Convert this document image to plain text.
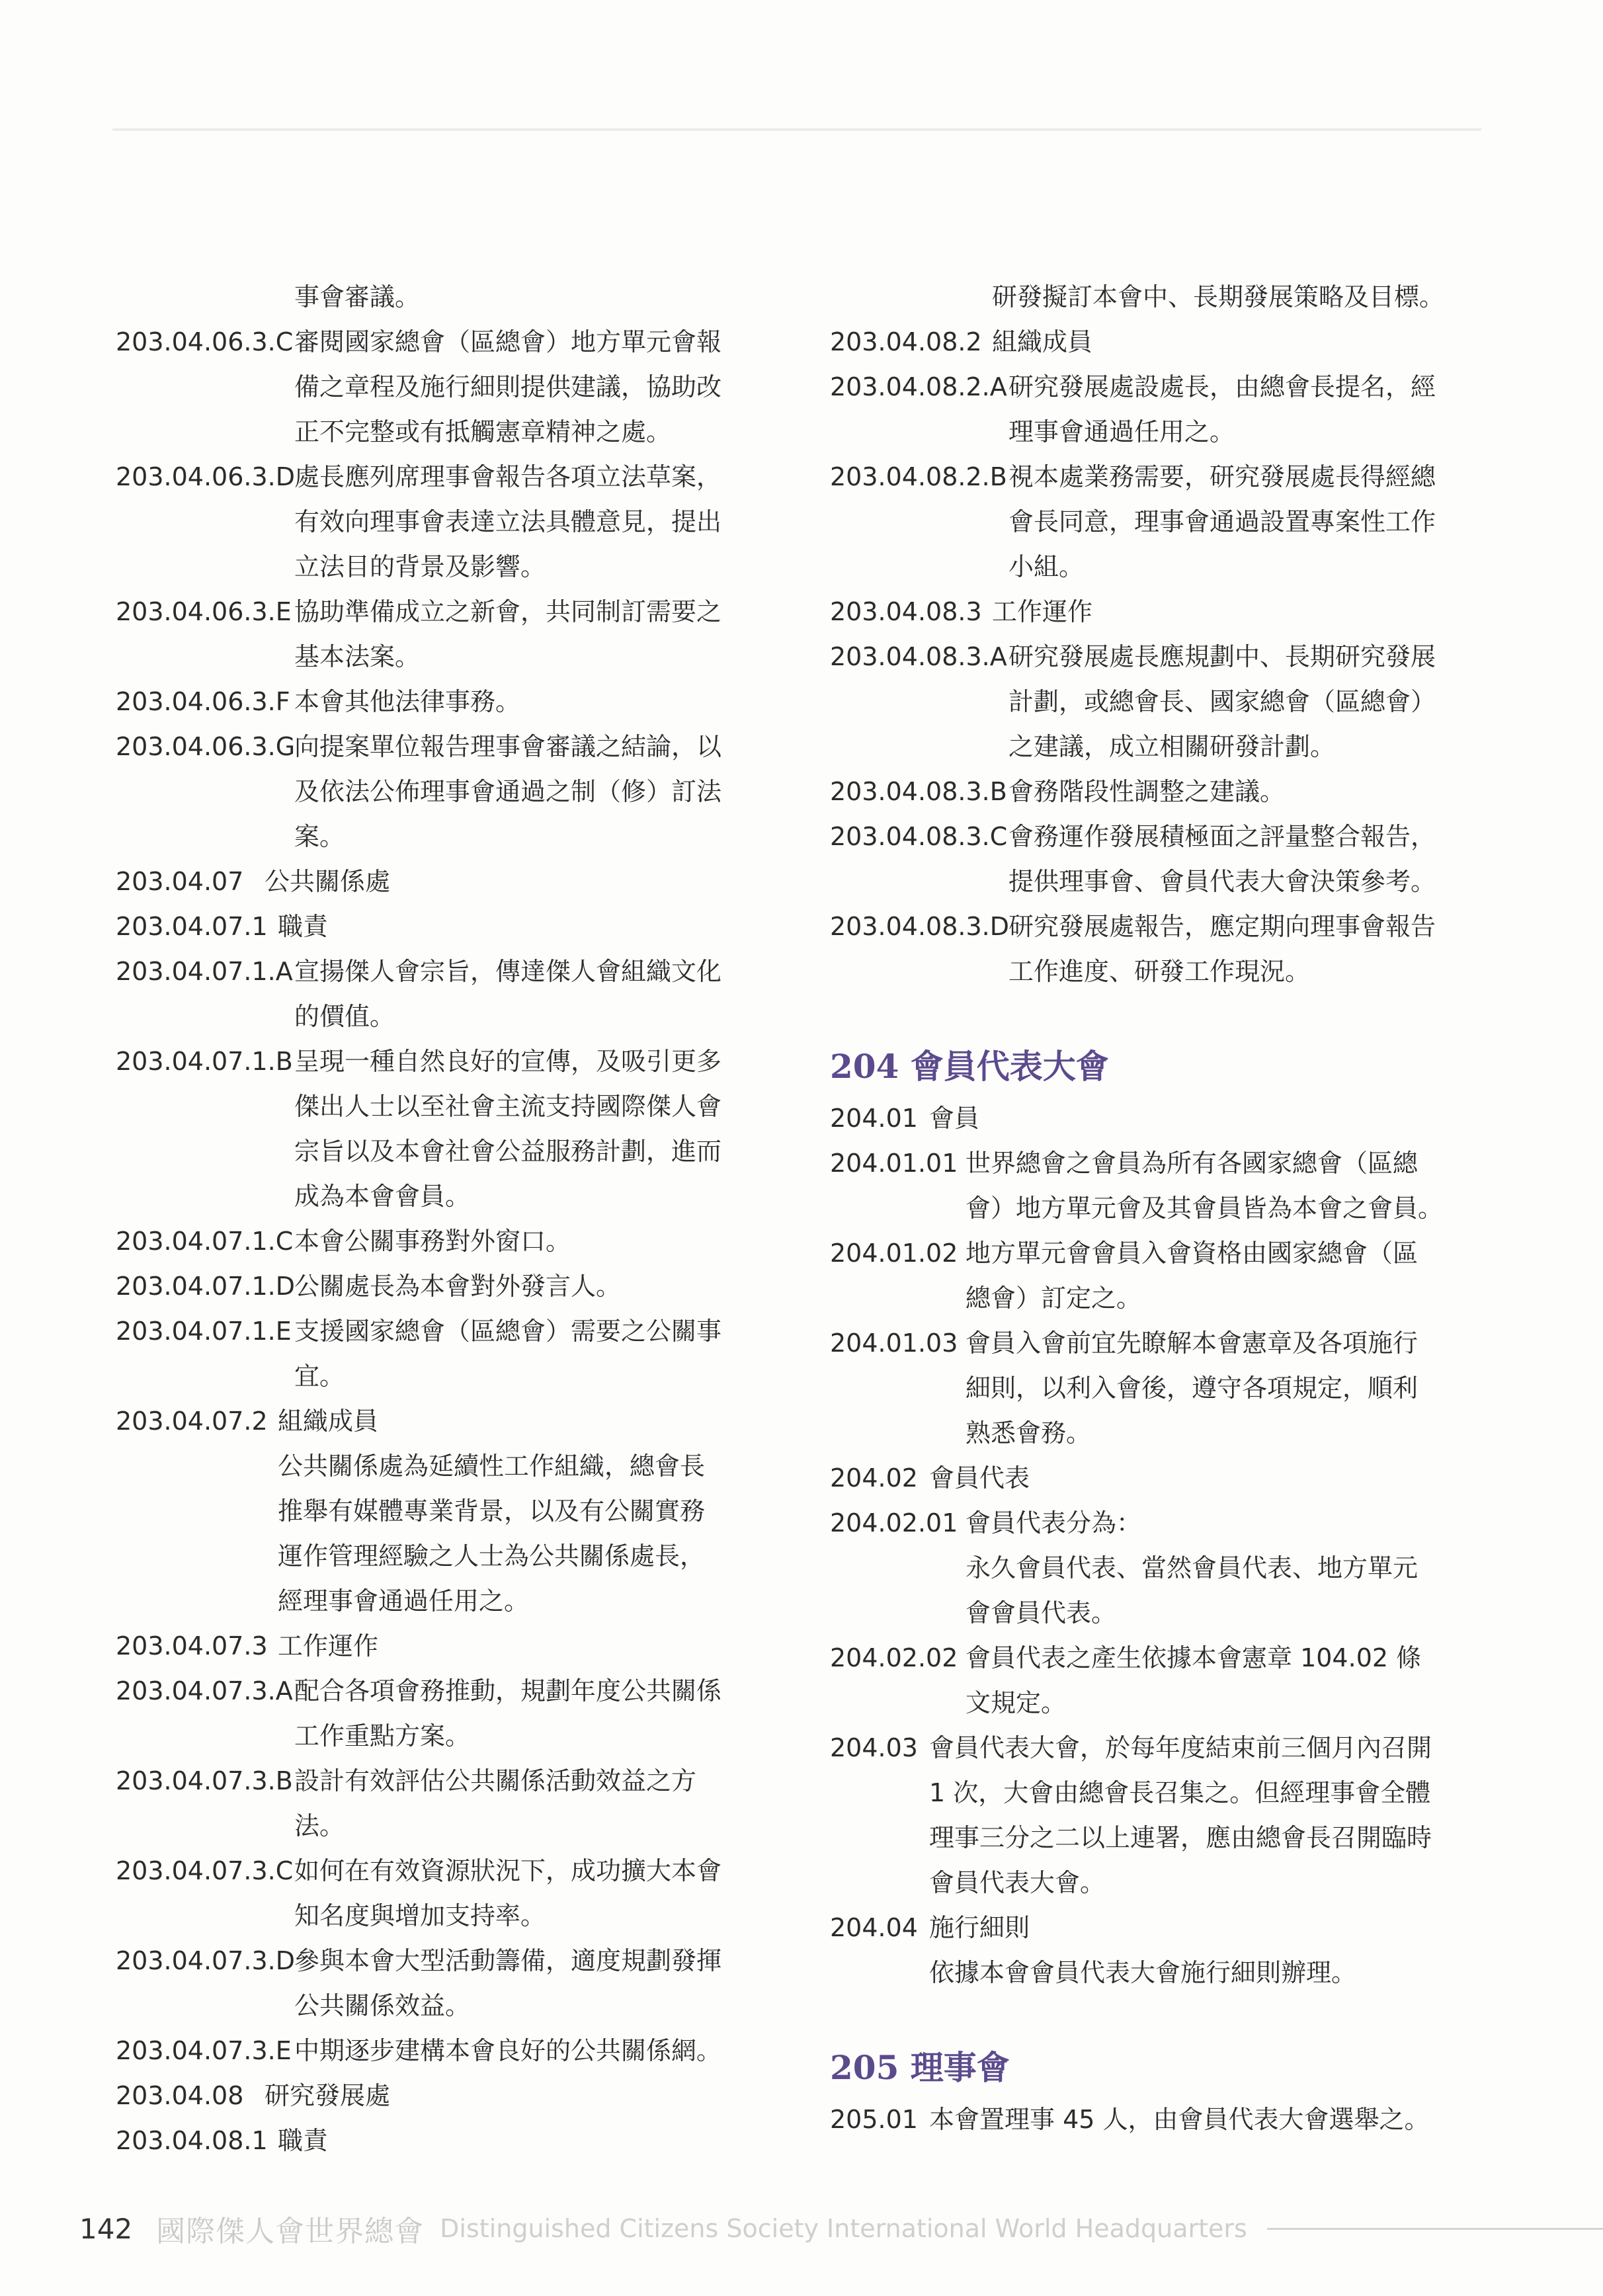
事會審議。
203.04.06.3.C 審閱國家總會（區總會）地方單元會報
備之章程及施行細則提供建議，協助改
正不完整或有抵觸憲章精神之處。
203.04.06.3.D 處長應列席理事會報告各項立法草案，
有效向理事會表達立法具體意見，提出
立法目的背景及影響。
203.04.06.3.E 協助準備成立之新會，共同制訂需要之
基本法案。
203.04.06.3.F 本會其他法律事務。
203.04.06.3.G
向提案單位報告理事會審議之結論，以
及依法公佈理事會通過之制（修）訂法
案。
203.04.07 公共關係處
203.04.07.1 職責
203.04.07.1.A 宣揚傑人會宗旨，傳達傑人會組織文化
的價值。
203.04.07.1.B 呈現一種自然良好的宣傳，及吸引更多
傑出人士以至社會主流支持國際傑人會
宗旨以及本會社會公益服務計劃，進而
成為本會會員。
203.04.07.1.C 本會公關事務對外窗口。
203.04.07.1.D 公關處長為本會對外發言人。
203.04.07.1.E 支援國家總會（區總會）需要之公關事
宜。
203.04.07.2 組織成員
公共關係處為延續性工作組織，總會長
推舉有媒體專業背景，以及有公關實務
運作管理經驗之人士為公共關係處長，
經理事會通過任用之。
203.04.07.3 工作運作
203.04.07.3.A 配合各項會務推動，規劃年度公共關係
工作重點方案。
203.04.07.3.B 設計有效評估公共關係活動效益之方
法。
203.04.07.3.C 如何在有效資源狀況下，成功擴大本會
知名度與增加支持率。
203.04.07.3.D 參與本會大型活動籌備，適度規劃發揮
公共關係效益。
203.04.07.3.E 中期逐步建構本會良好的公共關係網。
203.04.08 研究發展處
203.04.08.1 職責
研發擬訂本會中、長期發展策略及目標。
203.04.08.2 組織成員
203.04.08.2.A 研究發展處設處長，由總會長提名，經
理事會通過任用之。
203.04.08.2.B 視本處業務需要，研究發展處長得經總
會長同意，理事會通過設置專案性工作
小組。
203.04.08.3 工作運作
203.04.08.3.A 研究發展處長應規劃中、長期研究發展
計劃，或總會長、國家總會（區總會）
之建議，成立相關研發計劃。
203.04.08.3.B 會務階段性調整之建議。
203.04.08.3.C 會務運作發展積極面之評量整合報告，
提供理事會、會員代表大會決策參考。
203.04.08.3.D 研究發展處報告，應定期向理事會報告
工作進度、研發工作現況。
204 會員代表大會
204.01 會員
204.01.01 世界總會之會員為所有各國家總會（區總
會）地方單元會及其會員皆為本會之會員。
204.01.02 地方單元會會員入會資格由國家總會（區
總會）訂定之。
204.01.03 會員入會前宜先瞭解本會憲章及各項施行
細則，以利入會後，遵守各項規定，順利
熟悉會務。
204.02 會員代表
204.02.01 會員代表分為：
永久會員代表、當然會員代表、地方單元
會會員代表。
204.02.02 會員代表之產生依據本會憲章 104.02 條
文規定。
204.03 會員代表大會，於每年度結束前三個月內召開
1 次，大會由總會長召集之。但經理事會全體
理事三分之二以上連署，應由總會長召開臨時
會員代表大會。
204.04 施行細則
依據本會會員代表大會施行細則辦理。
205 理事會
205.01 本會置理事 45 人，由會員代表大會選舉之。
142 國際傑人會世界總會 Distinguished Citizens Society International World Headquarters
